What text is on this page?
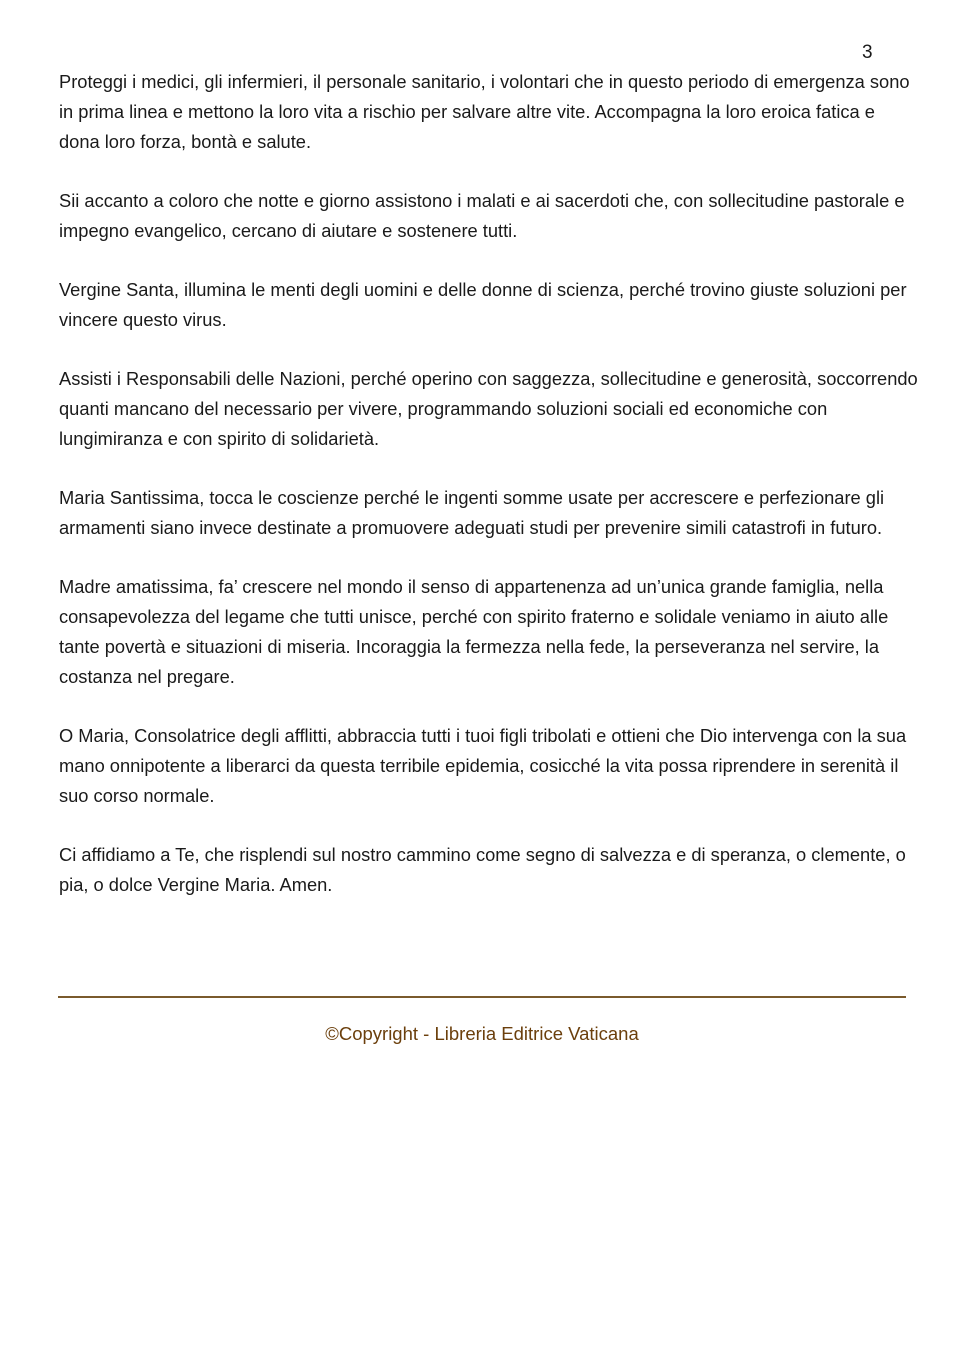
3

Proteggi i medici, gli infermieri, il personale sanitario, i volontari che in questo periodo di emergenza sono in prima linea e mettono la loro vita a rischio per salvare altre vite. Accompagna la loro eroica fatica e dona loro forza, bontà e salute.

Sii accanto a coloro che notte e giorno assistono i malati e ai sacerdoti che, con sollecitudine pastorale e impegno evangelico, cercano di aiutare e sostenere tutti.

Vergine Santa, illumina le menti degli uomini e delle donne di scienza, perché trovino giuste soluzioni per vincere questo virus.

Assisti i Responsabili delle Nazioni, perché operino con saggezza, sollecitudine e generosità, soccorrendo quanti mancano del necessario per vivere, programmando soluzioni sociali ed economiche con lungimiranza e con spirito di solidarietà.

Maria Santissima, tocca le coscienze perché le ingenti somme usate per accrescere e perfezionare gli armamenti siano invece destinate a promuovere adeguati studi per prevenire simili catastrofi in futuro.

Madre amatissima, fa’ crescere nel mondo il senso di appartenenza ad un’unica grande famiglia, nella consapevolezza del legame che tutti unisce, perché con spirito fraterno e solidale veniamo in aiuto alle tante povertà e situazioni di miseria. Incoraggia la fermezza nella fede, la perseveranza nel servire, la costanza nel pregare.

O Maria, Consolatrice degli afflitti, abbraccia tutti i tuoi figli tribolati e ottieni che Dio intervenga con la sua mano onnipotente a liberarci da questa terribile epidemia, cosicché la vita possa riprendere in serenità il suo corso normale.

Ci affidiamo a Te, che risplendi sul nostro cammino come segno di salvezza e di speranza, o clemente, o pia, o dolce Vergine Maria. Amen.

©Copyright - Libreria Editrice Vaticana
